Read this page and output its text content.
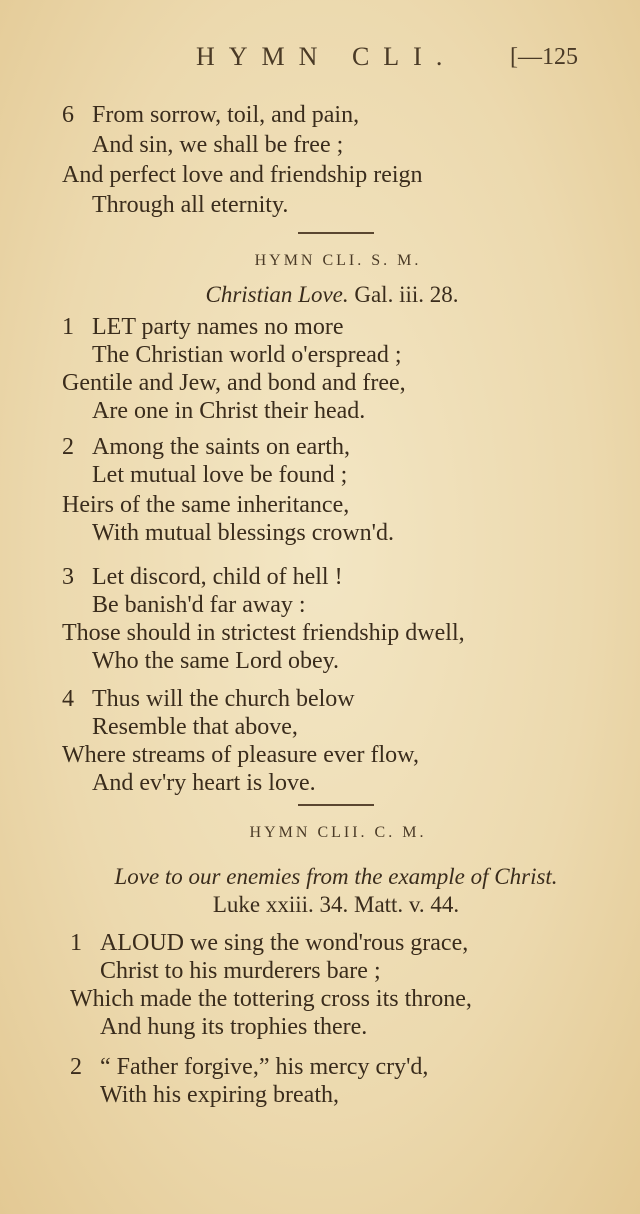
HYMN CLI. [—125
6 From sorrow, toil, and pain,
And sin, we shall be free ;
And perfect love and friendship reign
Through all eternity.
HYMN CLI. S. M.
Christian Love. Gal. iii. 28.
1 LET party names no more
The Christian world o'erspread ;
Gentile and Jew, and bond and free,
Are one in Christ their head.
2 Among the saints on earth,
Let mutual love be found ;
Heirs of the same inheritance,
With mutual blessings crown'd.
3 Let discord, child of hell !
Be banish'd far away :
Those should in strictest friendship dwell,
Who the same Lord obey.
4 Thus will the church below
Resemble that above,
Where streams of pleasure ever flow,
And ev'ry heart is love.
HYMN CLII. C. M.
Love to our enemies from the example of Christ.
Luke xxiii. 34. Matt. v. 44.
1 ALOUD we sing the wond'rous grace,
Christ to his murderers bare ;
Which made the tottering cross its throne,
And hung its trophies there.
2 “ Father forgive,” his mercy cry'd,
With his expiring breath,
